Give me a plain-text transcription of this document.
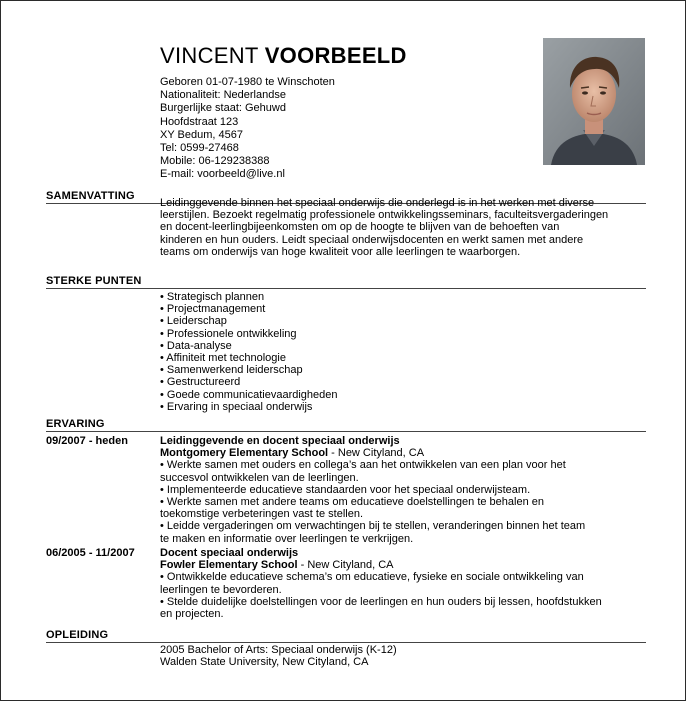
VINCENT VOORBEELD
Geboren 01-07-1980 te Winschoten
Nationaliteit: Nederlandse
Burgerlijke staat: Gehuwd
Hoofdstraat 123
XY Bedum, 4567
Tel: 0599-27468
Mobile: 06-129238388
E-mail: voorbeeld@live.nl
SAMENVATTING
Leidinggevende binnen het speciaal onderwijs die onderlegd is in het werken met diverse
leerstijlen. Bezoekt regelmatig professionele ontwikkelingsseminars, faculteitsvergaderingen
en docent-leerlingbijeenkomsten om op de hoogte te blijven van de behoeften van
kinderen en hun ouders. Leidt speciaal onderwijsdocenten en werkt samen met andere
teams om onderwijs van hoge kwaliteit voor alle leerlingen te waarborgen.
STERKE PUNTEN
• Strategisch plannen
• Projectmanagement
• Leiderschap
• Professionele ontwikkeling
• Data-analyse
• Affiniteit met technologie
• Samenwerkend leiderschap
• Gestructureerd
• Goede communicatievaardigheden
• Ervaring in speciaal onderwijs
ERVARING
09/2007 - heden	Leidinggevende en docent speciaal onderwijs
Montgomery Elementary School - New Cityland, CA
• Werkte samen met ouders en collega’s aan het ontwikkelen van een plan voor het
succesvol ontwikkelen van de leerlingen.
• Implementeerde educatieve standaarden voor het speciaal onderwijsteam.
• Werkte samen met andere teams om educatieve doelstellingen te behalen en
toekomstige verbeteringen vast te stellen.
• Leidde vergaderingen om verwachtingen bij te stellen, veranderingen binnen het team
te maken en informatie over leerlingen te verkrijgen.
06/2005 - 11/2007 Docent speciaal onderwijs
Fowler Elementary School - New Cityland, CA
• Ontwikkelde educatieve schema’s om educatieve, fysieke en sociale ontwikkeling van
leerlingen te bevorderen.
• Stelde duidelijke doelstellingen voor de leerlingen en hun ouders bij lessen, hoofdstukken
en projecten.
OPLEIDING
2005 Bachelor of Arts: Speciaal onderwijs (K-12)
Walden State University, New Cityland, CA
